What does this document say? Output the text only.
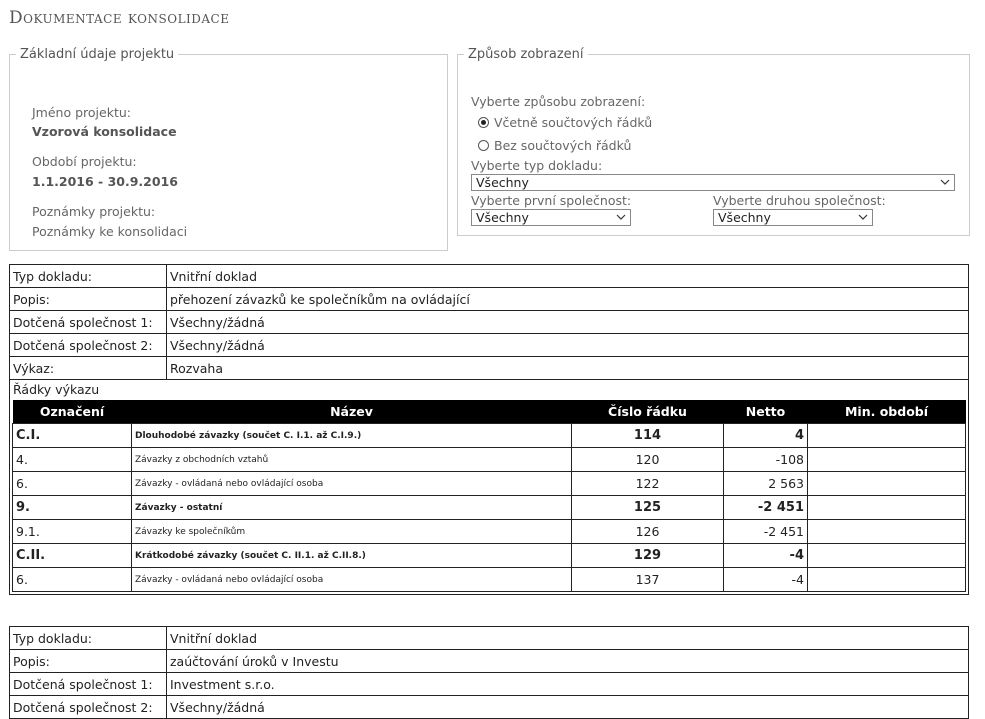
Dokumentace konsolidace
Základní údaje projektu
Jméno projektu:
Vzorová konsolidace
Období projektu:
1.1.2016 - 30.9.2016
Poznámky projektu:
Poznámky ke konsolidaci
Způsob zobrazení
Vyberte způsobu zobrazení:
Včetně součtových řádků
Bez součtových řádků
Vyberte typ dokladu:
Všechny
Vyberte první společnost:
Všechny
Vyberte druhou společnost:
Všechny
Typ dokladu:	Vnitřní doklad
Popis:	přehození závazků ke společníkům na ovládající
Dotčená společnost 1:	Všechny/žádná
Dotčená společnost 2:	Všechny/žádná
Výkaz:	Rozvaha

Řádky výkazu
Označení	Název	Číslo řádku	Netto	Min. období
C.I.	Dlouhodobé závazky (součet C. I.1. až C.I.9.)	114	4	
4.	Závazky z obchodních vztahů	120	-108	
6.	Závazky - ovládaná nebo ovládající osoba	122	2 563	
9.	Závazky - ostatní	125	-2 451	
9.1.	Závazky ke společníkům	126	-2 451	
C.II.	Krátkodobé závazky (součet C. II.1. až C.II.8.)	129	-4	
6.	Závazky - ovládaná nebo ovládající osoba	137	-4	
Typ dokladu:	Vnitřní doklad
Popis:	zaúčtování úroků v Investu
Dotčená společnost 1:	Investment s.r.o.
Dotčená společnost 2:	Všechny/žádná
